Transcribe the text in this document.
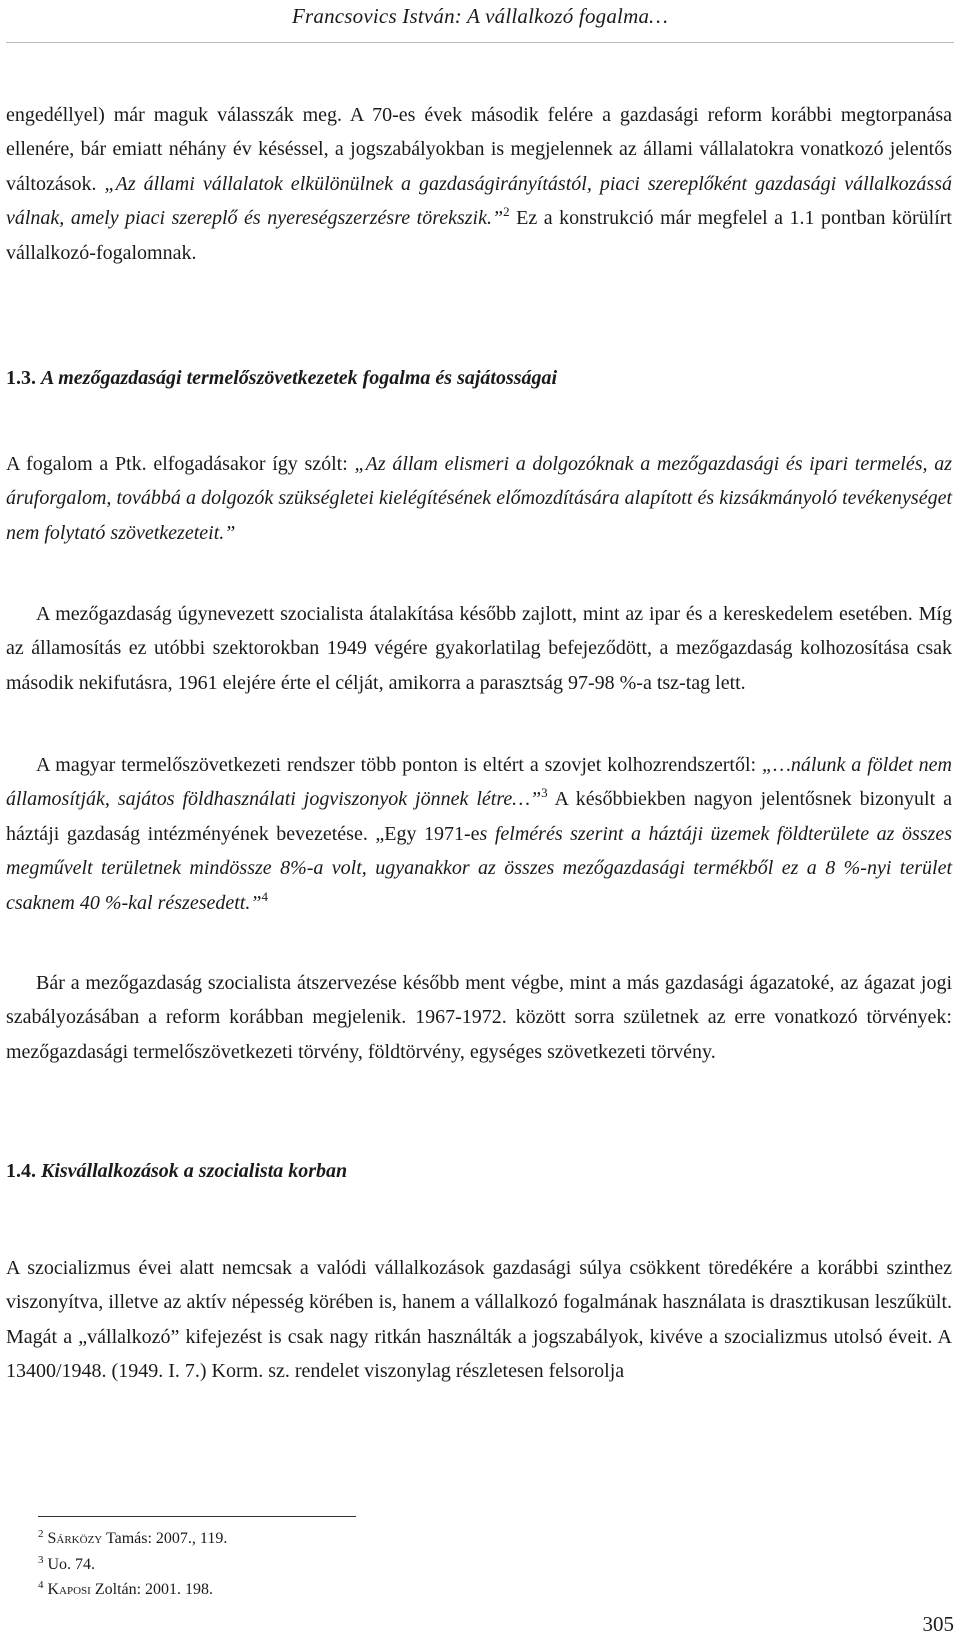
Francsovics István: A vállalkozó fogalma…
engedéllyel) már maguk válasszák meg. A 70-es évek második felére a gazdasági reform korábbi megtorpanása ellenére, bár emiatt néhány év késéssel, a jogszabályokban is megjelennek az állami vállalatokra vonatkozó jelentős változások. „Az állami vállalatok elkülönülnek a gazdaságirányítástól, piaci szereplőként gazdasági vállalkozássá válnak, amely piaci szereplő és nyereségszerzésre törekszik.”$^2$ Ez a konstrukció már megfelel a 1.1 pontban körülírt vállalkozó-fogalomnak.
1.3. A mezőgazdasági termelőszövetkezetek fogalma és sajátosságai
A fogalom a Ptk. elfogadásakor így szólt: „Az állam elismeri a dolgozóknak a mezőgazdasági és ipari termelés, az áruforgalom, továbbá a dolgozók szükségletei kielégítésének előmozdítására alapított és kizsákmányoló tevékenységet nem folytató szövetkezeteit.”
A mezőgazdaság úgynevezett szocialista átalakítása később zajlott, mint az ipar és a kereskedelem esetében. Míg az államosítás ez utóbbi szektorokban 1949 végére gyakorlatilag befejeződött, a mezőgazdaság kolhozosítása csak második nekifutásra, 1961 elejére érte el célját, amikorra a parasztság 97-98 %-a tsz-tag lett.
A magyar termelőszövetkezeti rendszer több ponton is eltért a szovjet kolhozrendszertől: „…nálunk a földet nem államosítják, sajátos földhasználati jogviszonyok jönnek létre…”$^3$ A későbbiekben nagyon jelentősnek bizonyult a háztáji gazdaság intézményének bevezetése. „Egy 1971-es felmérés szerint a háztáji üzemek földterülete az összes megművelt területnek mindössze 8%-a volt, ugyanakkor az összes mezőgazdasági termékből ez a 8 %-nyi terület csaknem 40 %-kal részesedett.”$^4$
Bár a mezőgazdaság szocialista átszervezése később ment végbe, mint a más gazdasági ágazatoké, az ágazat jogi szabályozásában a reform korábban megjelenik. 1967-1972. között sorra születnek az erre vonatkozó törvények: mezőgazdasági termelőszövetkezeti törvény, földtörvény, egységes szövetkezeti törvény.
1.4. Kisvállalkozások a szocialista korban
A szocializmus évei alatt nemcsak a valódi vállalkozások gazdasági súlya csökkent töredékére a korábbi szinthez viszonyítva, illetve az aktív népesség körében is, hanem a vállalkozó fogalmának használata is drasztikusan leszűkült. Magát a „vállalkozó” kifejezést is csak nagy ritkán használták a jogszabályok, kivéve a szocializmus utolsó éveit. A 13400/1948. (1949. I. 7.) Korm. sz. rendelet viszonylag részletesen felsorolja
$^2$ Sárközy Tamás: 2007., 119.
$^3$ Uo. 74.
$^4$ Kaposi Zoltán: 2001. 198.
305
